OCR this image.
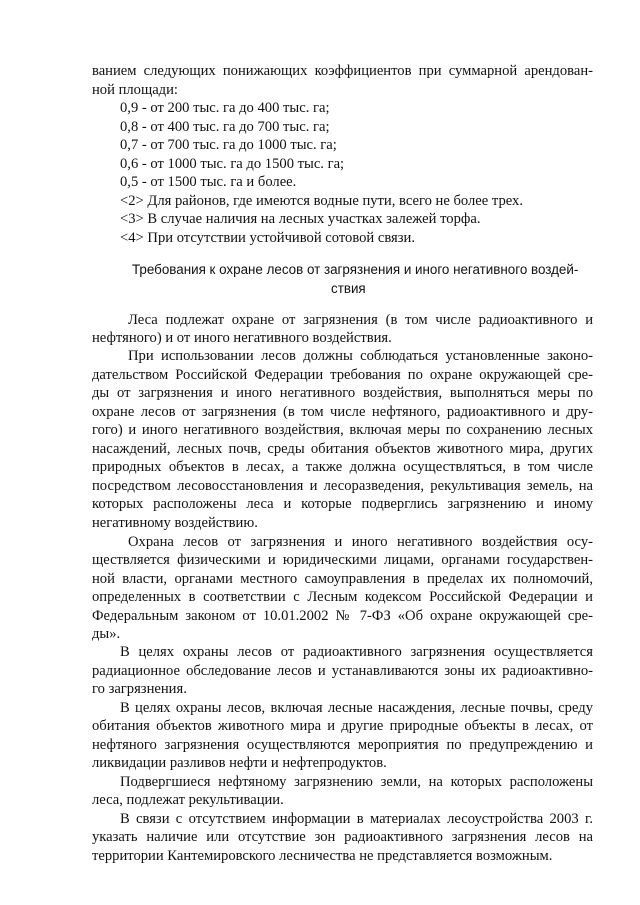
ванием следующих понижающих коэффициентов при суммарной арендован-
ной площади:
0,9 - от 200 тыс. га до 400 тыс. га;
0,8 - от 400 тыс. га до 700 тыс. га;
0,7 - от 700 тыс. га до 1000 тыс. га;
0,6 - от 1000 тыс. га до 1500 тыс. га;
0,5 - от 1500 тыс. га и более.
<2> Для районов, где имеются водные пути, всего не более трех.
<3> В случае наличия на лесных участках залежей торфа.
<4> При отсутствии устойчивой сотовой связи.
Требования к охране лесов от загрязнения и иного негативного воздей-
ствия
Леса подлежат охране от загрязнения (в том числе радиоактивного и
нефтяного) и от иного негативного воздействия.
При использовании лесов должны соблюдаться установленные законо-
дательством Российской Федерации требования по охране окружающей сре-
ды от загрязнения и иного негативного воздействия, выполняться меры по
охране лесов от загрязнения (в том числе нефтяного, радиоактивного и дру-
гого) и иного негативного воздействия, включая меры по сохранению лесных
насаждений, лесных почв, среды обитания объектов животного мира, других
природных объектов в лесах, а также должна осуществляться, в том числе
посредством лесовосстановления и лесоразведения, рекультивация земель, на
которых расположены леса и которые подверглись загрязнению и иному
негативному воздействию.
Охрана лесов от загрязнения и иного негативного воздействия осу-
ществляется физическими и юридическими лицами, органами государствен-
ной власти, органами местного самоуправления в пределах их полномочий,
определенных в соответствии с Лесным кодексом Российской Федерации и
Федеральным законом от 10.01.2002 № 7-ФЗ «Об охране окружающей сре-
ды».
В целях охраны лесов от радиоактивного загрязнения осуществляется
радиационное обследование лесов и устанавливаются зоны их радиоактивно-
го загрязнения.
В целях охраны лесов, включая лесные насаждения, лесные почвы, среду
обитания объектов животного мира и другие природные объекты в лесах, от
нефтяного загрязнения осуществляются мероприятия по предупреждению и
ликвидации разливов нефти и нефтепродуктов.
Подвергшиеся нефтяному загрязнению земли, на которых расположены
леса, подлежат рекультивации.
В связи с отсутствием информации в материалах лесоустройства 2003 г.
указать наличие или отсутствие зон радиоактивного загрязнения лесов на
территории Кантемировского лесничества не представляется возможным.
